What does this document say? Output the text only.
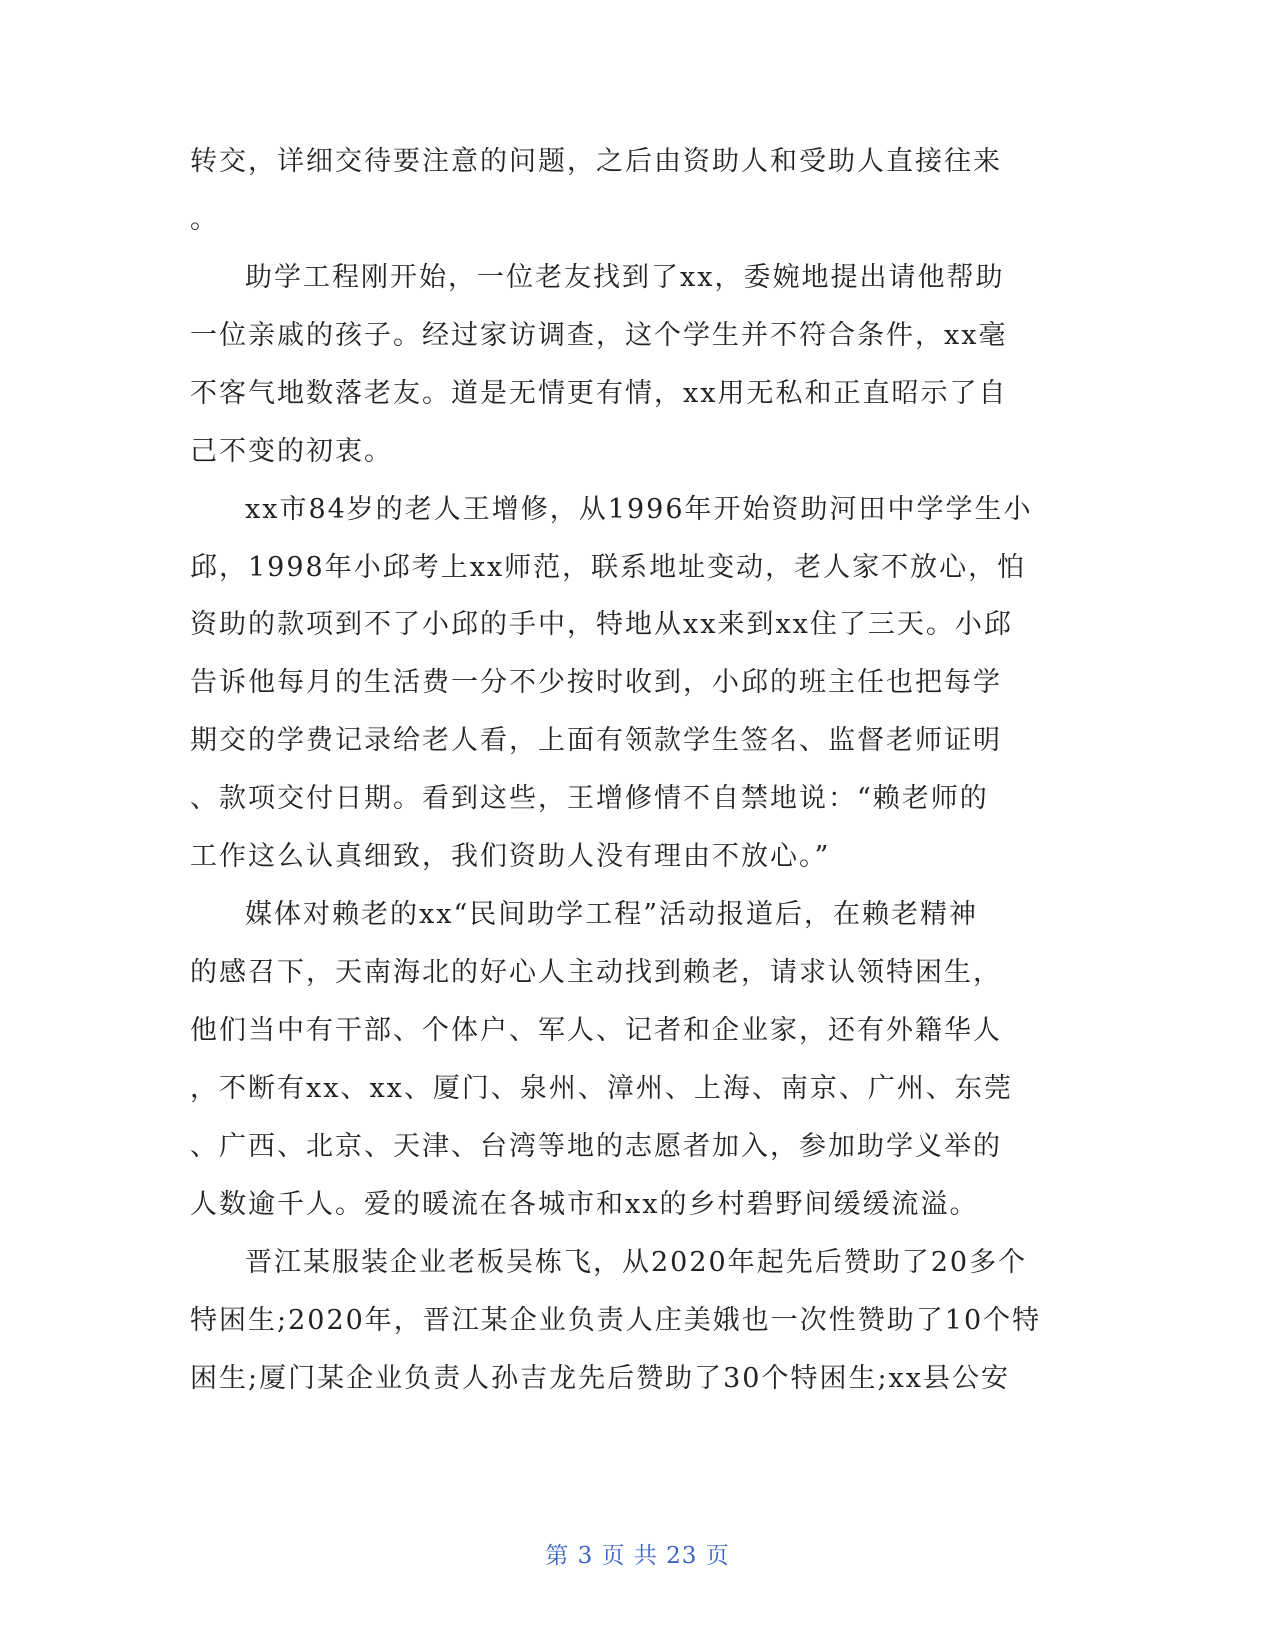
转交，详细交待要注意的问题，之后由资助人和受助人直接往来
。
助学工程刚开始，一位老友找到了xx，委婉地提出请他帮助
一位亲戚的孩子。经过家访调查，这个学生并不符合条件，xx毫
不客气地数落老友。道是无情更有情，xx用无私和正直昭示了自
己不变的初衷。
xx市84岁的老人王增修，从1996年开始资助河田中学学生小
邱，1998年小邱考上xx师范，联系地址变动，老人家不放心，怕
资助的款项到不了小邱的手中，特地从xx来到xx住了三天。小邱
告诉他每月的生活费一分不少按时收到，小邱的班主任也把每学
期交的学费记录给老人看，上面有领款学生签名、监督老师证明
、款项交付日期。看到这些，王增修情不自禁地说：“赖老师的
工作这么认真细致，我们资助人没有理由不放心。”
媒体对赖老的xx“民间助学工程”活动报道后，在赖老精神
的感召下，天南海北的好心人主动找到赖老，请求认领特困生，
他们当中有干部、个体户、军人、记者和企业家，还有外籍华人
，不断有xx、xx、厦门、泉州、漳州、上海、南京、广州、东莞
、广西、北京、天津、台湾等地的志愿者加入，参加助学义举的
人数逾千人。爱的暖流在各城市和xx的乡村碧野间缓缓流溢。
晋江某服装企业老板吴栋飞，从2020年起先后赞助了20多个
特困生;2020年，晋江某企业负责人庄美娥也一次性赞助了10个特
困生;厦门某企业负责人孙吉龙先后赞助了30个特困生;xx县公安
第 3 页 共 23 页
